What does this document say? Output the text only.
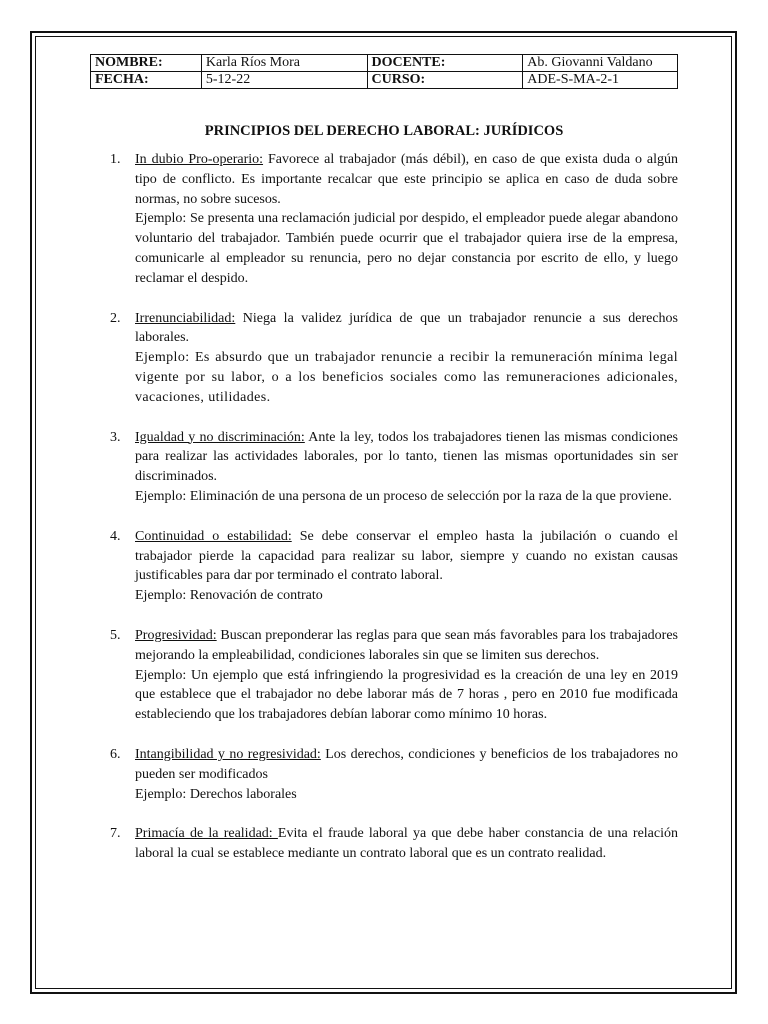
NOMBRE:	Karla Ríos Mora	DOCENTE:	Ab. Giovanni Valdano
FECHA:	5-12-22	CURSO:	ADE-S-MA-2-1
PRINCIPIOS DEL DERECHO LABORAL: JURÍDICOS
1. In dubio Pro-operario: Favorece al trabajador (más débil), en caso de que exista duda o algún tipo de conflicto. Es importante recalcar que este principio se aplica en caso de duda sobre normas, no sobre sucesos.

Ejemplo: Se presenta una reclamación judicial por despido, el empleador puede alegar abandono voluntario del trabajador. También puede ocurrir que el trabajador quiera irse de la empresa, comunicarle al empleador su renuncia, pero no dejar constancia por escrito de ello, y luego reclamar el despido.

2. Irrenunciabilidad: Niega la validez jurídica de que un trabajador renuncie a sus derechos laborales.

Ejemplo: Es absurdo que un trabajador renuncie a recibir la remuneración mínima legal vigente por su labor, o a los beneficios sociales como las remuneraciones adicionales, vacaciones, utilidades.

3. Igualdad y no discriminación: Ante la ley, todos los trabajadores tienen las mismas condiciones para realizar las actividades laborales, por lo tanto, tienen las mismas oportunidades sin ser discriminados.

Ejemplo: Eliminación de una persona de un proceso de selección por la raza de la que proviene.

4. Continuidad o estabilidad: Se debe conservar el empleo hasta la jubilación o cuando el trabajador pierde la capacidad para realizar su labor, siempre y cuando no existan causas justificables para dar por terminado el contrato laboral.

Ejemplo: Renovación de contrato

5. Progresividad: Buscan preponderar las reglas para que sean más favorables para los trabajadores mejorando la empleabilidad, condiciones laborales sin que se limiten sus derechos.

Ejemplo: Un ejemplo que está infringiendo la progresividad es la creación de una ley en 2019 que establece que el trabajador no debe laborar más de 7 horas , pero en 2010 fue modificada estableciendo que los trabajadores debían laborar como mínimo 10 horas.

6. Intangibilidad y no regresividad: Los derechos, condiciones y beneficios de los trabajadores no pueden ser modificados

Ejemplo: Derechos laborales

7. Primacía de la realidad: Evita el fraude laboral ya que debe haber constancia de una relación laboral la cual se establece mediante un contrato laboral que es un contrato realidad.
